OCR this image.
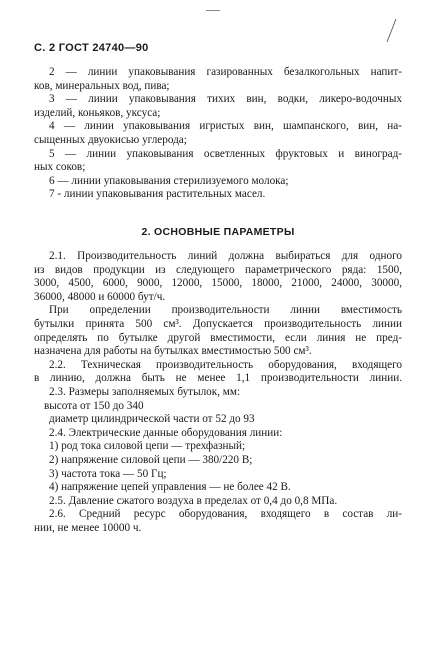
С. 2 ГОСТ 24740—90
2 — линии упаковывания газированных безалкогольных напит-
ков, минеральных вод, пива;
3 — линии упаковывания тихих вин, водки, ликеро-водочных
изделий, коньяков, уксуса;
4 — линии упаковывания игристых вин, шампанского, вин, на-
сыщенных двуокисью углерода;
5 — линии упаковывания осветленных фруктовых и виноград-
ных соков;
6 — линии упаковывания стерилизуемого молока;
7 - линии упаковывания растительных масел.
2. ОСНОВНЫЕ ПАРАМЕТРЫ
2.1. Производительность линий должна выбираться для одного
из видов продукции из следующего параметрического ряда: 1500,
3000, 4500, 6000, 9000, 12000, 15000, 18000, 21000, 24000, 30000,
36000, 48000 и 60000 бут/ч.
При определении производительности линии вместимость
бутылки принята 500 см³. Допускается производительность линии
определять по бутылке другой вместимости, если линия не пред-
назначена для работы на бутылках вместимостью 500 см³.
2.2. Техническая производительность оборудования, входящего
в линию, должна быть не менее 1,1 производительности линии.
2.3. Размеры заполняемых бутылок, мм:
высота от 150 до 340
диаметр цилиндрической части от 52 до 93
2.4. Электрические данные оборудования линии:
1) род тока силовой цепи — трехфазный;
2) напряжение силовой цепи — 380/220 В;
3) частота тока — 50 Гц;
4) напряжение цепей управления — не более 42 В.
2.5. Давление сжатого воздуха в пределах от 0,4 до 0,8 МПа.
2.6. Средний ресурс оборудования, входящего в состав ли-
нии, не менее 10000 ч.
